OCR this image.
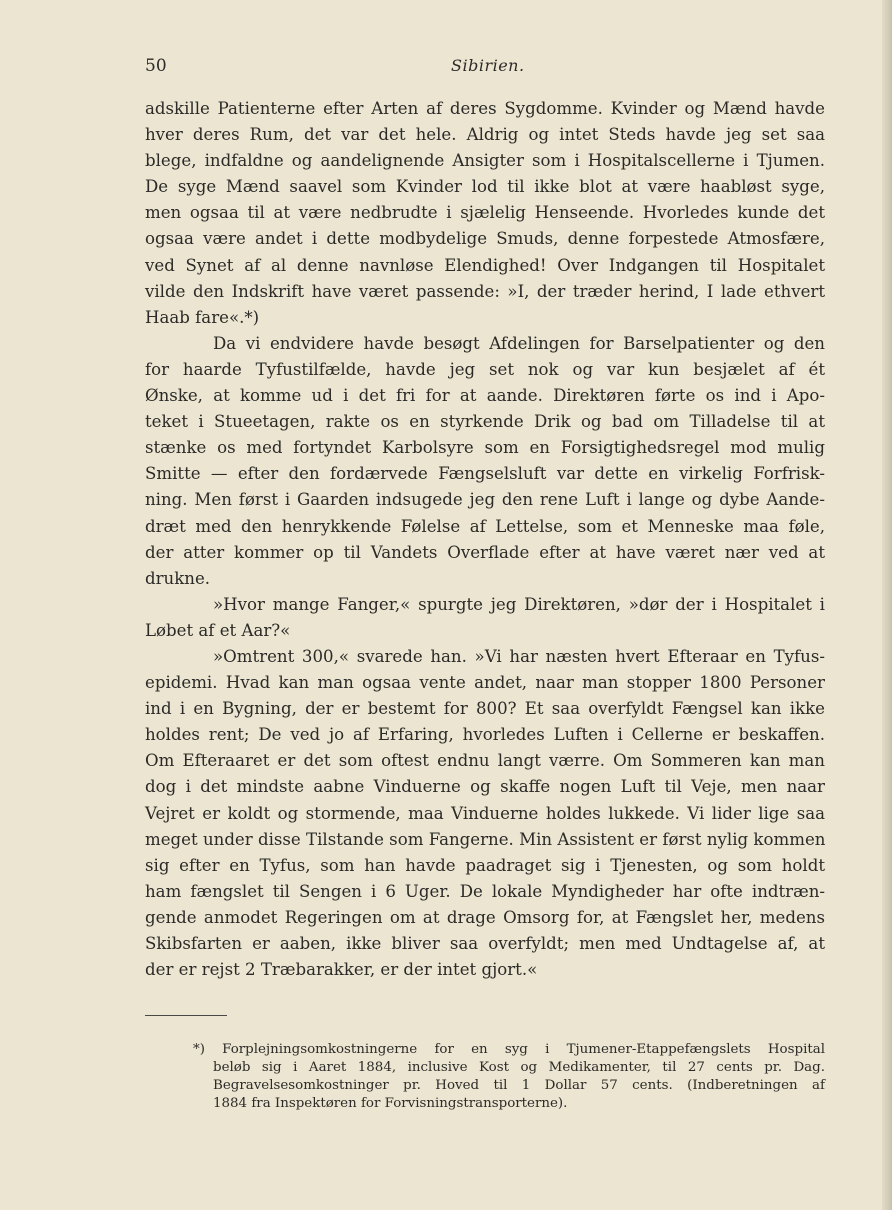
50	Sibirien.
adskille Patienterne efter Arten af deres Sygdomme. Kvinder og Mænd havde
hver deres Rum, det var det hele. Aldrig og intet Steds havde jeg set saa
blege, indfaldne og aandelignende Ansigter som i Hospitalscellerne i Tjumen.
De syge Mænd saavel som Kvinder lod til ikke blot at være haabløst syge,
men ogsaa til at være nedbrudte i sjælelig Henseende. Hvorledes kunde det
ogsaa være andet i dette modbydelige Smuds, denne forpestede Atmosfære,
ved Synet af al denne navnløse Elendighed! Over Indgangen til Hospitalet
vilde den Indskrift have været passende: »I, der træder herind, I lade ethvert
Haab fare«.*)
Da vi endvidere havde besøgt Afdelingen for Barselpatienter og den
for haarde Tyfustilfælde, havde jeg set nok og var kun besjælet af ét
Ønske, at komme ud i det fri for at aande. Direktøren førte os ind i Apo-
teket i Stueetagen, rakte os en styrkende Drik og bad om Tilladelse til at
stænke os med fortyndet Karbolsyre som en Forsigtighedsregel mod mulig
Smitte — efter den fordærvede Fængselsluft var dette en virkelig Forfrisk-
ning. Men først i Gaarden indsugede jeg den rene Luft i lange og dybe Aande-
dræt med den henrykkende Følelse af Lettelse, som et Menneske maa føle,
der atter kommer op til Vandets Overflade efter at have været nær ved at
drukne.
»Hvor mange Fanger,« spurgte jeg Direktøren, »dør der i Hospitalet i
Løbet af et Aar?«
»Omtrent 300,« svarede han. »Vi har næsten hvert Efteraar en Tyfus-
epidemi. Hvad kan man ogsaa vente andet, naar man stopper 1800 Personer
ind i en Bygning, der er bestemt for 800? Et saa overfyldt Fængsel kan ikke
holdes rent; De ved jo af Erfaring, hvorledes Luften i Cellerne er beskaffen.
Om Efteraaret er det som oftest endnu langt værre. Om Sommeren kan man
dog i det mindste aabne Vinduerne og skaffe nogen Luft til Veje, men naar
Vejret er koldt og stormende, maa Vinduerne holdes lukkede. Vi lider lige saa
meget under disse Tilstande som Fangerne. Min Assistent er først nylig kommen
sig efter en Tyfus, som han havde paadraget sig i Tjenesten, og som holdt
ham fængslet til Sengen i 6 Uger. De lokale Myndigheder har ofte indtræn-
gende anmodet Regeringen om at drage Omsorg for, at Fængslet her, medens
Skibsfarten er aaben, ikke bliver saa overfyldt; men med Undtagelse af, at
der er rejst 2 Træbarakker, er der intet gjort.«
*) Forplejningsomkostningerne for en syg i Tjumener-Etappefængslets Hospital
beløb sig i Aaret 1884, inclusive Kost og Medikamenter, til 27 cents pr. Dag.
Begravelsesomkostninger pr. Hoved til 1 Dollar 57 cents. (Indberetningen af
1884 fra Inspektøren for Forvisningstransporterne).
